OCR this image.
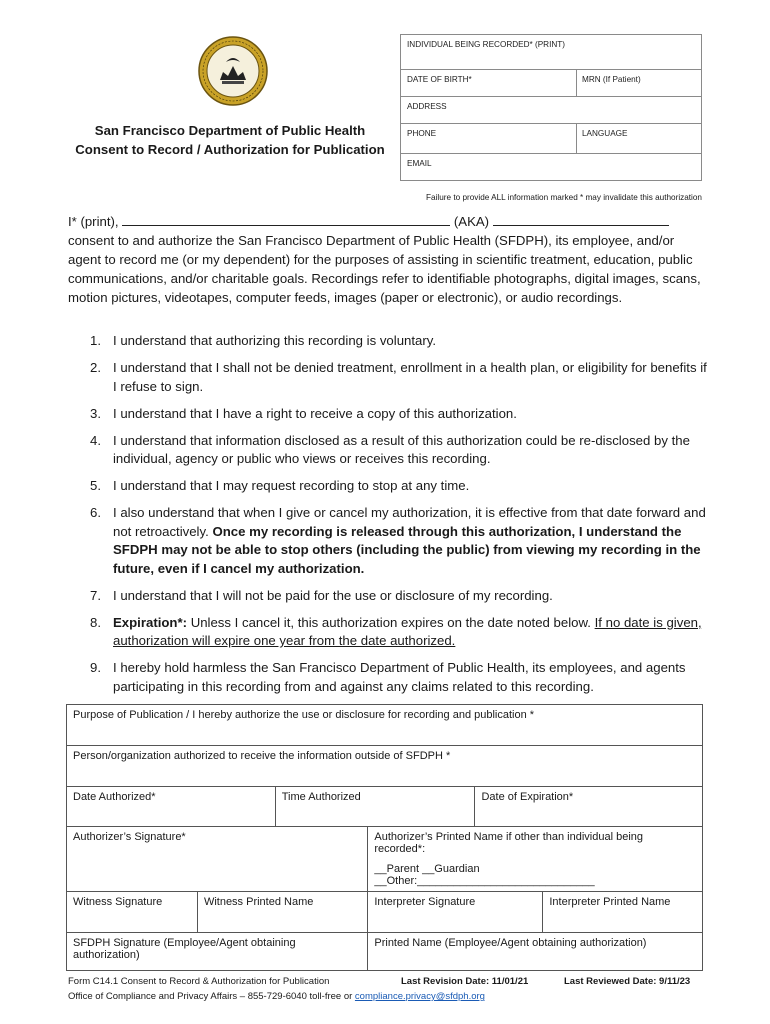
San Francisco Department of Public Health
Consent to Record / Authorization for Publication
INDIVIDUAL BEING RECORDED* (PRINT)
DATE OF BIRTH*	MRN (If Patient)
ADDRESS
PHONE	LANGUAGE
EMAIL
Failure to provide ALL information marked * may invalidate this authorization
I* (print),	(AKA)
consent to and authorize the San Francisco Department of Public Health (SFDPH), its employee, and/or agent to record me (or my dependent) for the purposes of assisting in scientific treatment, education, public communications, and/or charitable goals. Recordings refer to identifiable photographs, digital images, scans, motion pictures, videotapes, computer feeds, images (paper or electronic), or audio recordings.
1. I understand that authorizing this recording is voluntary.
2. I understand that I shall not be denied treatment, enrollment in a health plan, or eligibility for benefits if I refuse to sign.
3. I understand that I have a right to receive a copy of this authorization.
4. I understand that information disclosed as a result of this authorization could be re-disclosed by the individual, agency or public who views or receives this recording.
5. I understand that I may request recording to stop at any time.
6. I also understand that when I give or cancel my authorization, it is effective from that date forward and not retroactively. Once my recording is released through this authorization, I understand the SFDPH may not be able to stop others (including the public) from viewing my recording in the future, even if I cancel my authorization.
7. I understand that I will not be paid for the use or disclosure of my recording.
8. Expiration*: Unless I cancel it, this authorization expires on the date noted below. If no date is given, authorization will expire one year from the date authorized.
9. I hereby hold harmless the San Francisco Department of Public Health, its employees, and agents participating in this recording from and against any claims related to this recording.
Purpose of Publication / I hereby authorize the use or disclosure for recording and publication *					
Person/organization authorized to receive the information outside of SFDPH *					
Date Authorized*		Time Authorized		Date of Expiration*	
Authorizer’s Signature*			Authorizer’s Printed Name if other than individual being recorded*:
__Parent __Guardian __Other:_____________________________		

Witness Signature	Witness Printed Name		Interpreter Signature		Interpreter Printed Name
SFDPH Signature (Employee/Agent obtaining authorization)			Printed Name (Employee/Agent obtaining authorization)		
Form C14.1 Consent to Record & Authorization for Publication	Last Revision Date: 11/01/21	Last Reviewed Date: 9/11/23
Office of Compliance and Privacy Affairs – 855-729-6040 toll-free or compliance.privacy@sfdph.org
